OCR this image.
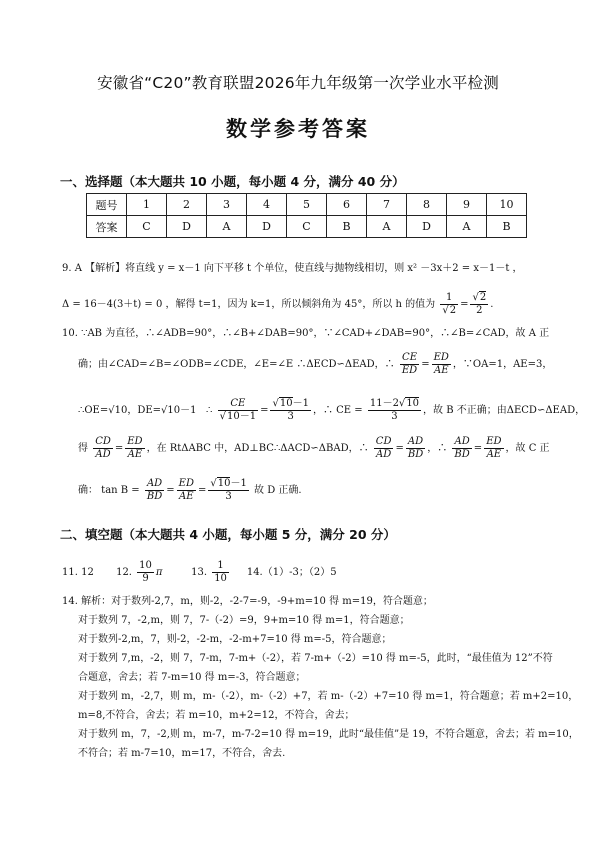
安徽省“C20”教育联盟2026年九年级第一次学业水平检测
数学参考答案
一、选择题（本大题共 10 小题，每小题 4 分，满分 40 分）
题号	1	2	3	4	5	6	7	8	9	10
答案	C	D	A	D	C	B	A	D	A	B
9. A 【解析】将直线 y = x－1 向下平移 t 个单位，使直线与抛物线相切，则 x² －3x＋2 = x－1－t ，
Δ = 16－4(3＋t) = 0 ，解得 t=1，因为 k=1，所以倾斜角为 45°，所以 h 的值为 $\frac{1}{√2} = \frac{√2}{2}$ .
10. ∵AB 为直径，∴∠ADB=90°，∴∠B+∠DAB=90°，∵∠CAD+∠DAB=90°，∴∠B=∠CAD，故 A 正
确；由∠CAD=∠B=∠ODB=∠CDE，∠E=∠E ∴ΔECD∽ΔEAD，∴ $\frac{CE}{ED} = \frac{ED}{AE}$ ，∵OA=1，AE=3，
∴OE=√10，DE=√10－1 ∴ $\frac{CE}{√10-1} = \frac{√10-1}{3}$ ，∴ CE = $\frac{11-2√10}{3}$ ，故 B 不正确；由ΔECD∽ΔEAD，
得 $\frac{CD}{AD} = \frac{ED}{AE}$ ，在 RtΔABC 中，AD⊥BC∴ΔACD∽ΔBAD，∴ $\frac{CD}{AD} = \frac{AD}{BD}$ ，∴ $\frac{AD}{BD} = \frac{ED}{AE}$ ，故 C 正
确： $\tan B = \frac{AD}{BD} = \frac{ED}{AE} = \frac{√10-1}{3}$ 故 D 正确.
二、填空题（本大题共 4 小题，每小题 5 分，满分 20 分）
11. 12 12. $\frac{10}{9}$ π	13. $\frac{1}{10} 14.(1)-3$；（2）5
14. 解析：对于数列-2,7，m，则-2，-2-7=-9，-9+m=10 得 m=19，符合题意；
对于数列 7，-2,m，则 7，7-（-2）=9，9+m=10 得 m=1，符合题意；
对于数列-2,m，7，则-2，-2-m，-2-m+7=10 得 m=-5，符合题意；
对于数列 7,m，-2，则 7，7-m，7-m+（-2），若 7-m+（-2）=10 得 m=-5，此时，“最佳值为 12”不符
合题意，舍去；若 7-m=10 得 m=-3，符合题意；
对于数列 m，-2,7，则 m，m-（-2），m-（-2）+7，若 m-（-2）+7=10 得 m=1，符合题意；若 m+2=10，
m=8,不符合，舍去；若 m=10，m+2=12，不符合，舍去；
对于数列 m，7，-2,则 m，m-7，m-7-2=10 得 m=19，此时“最佳值”是 19，不符合题意，舍去；若 m=10，
不符合；若 m-7=10，m=17，不符合，舍去.
